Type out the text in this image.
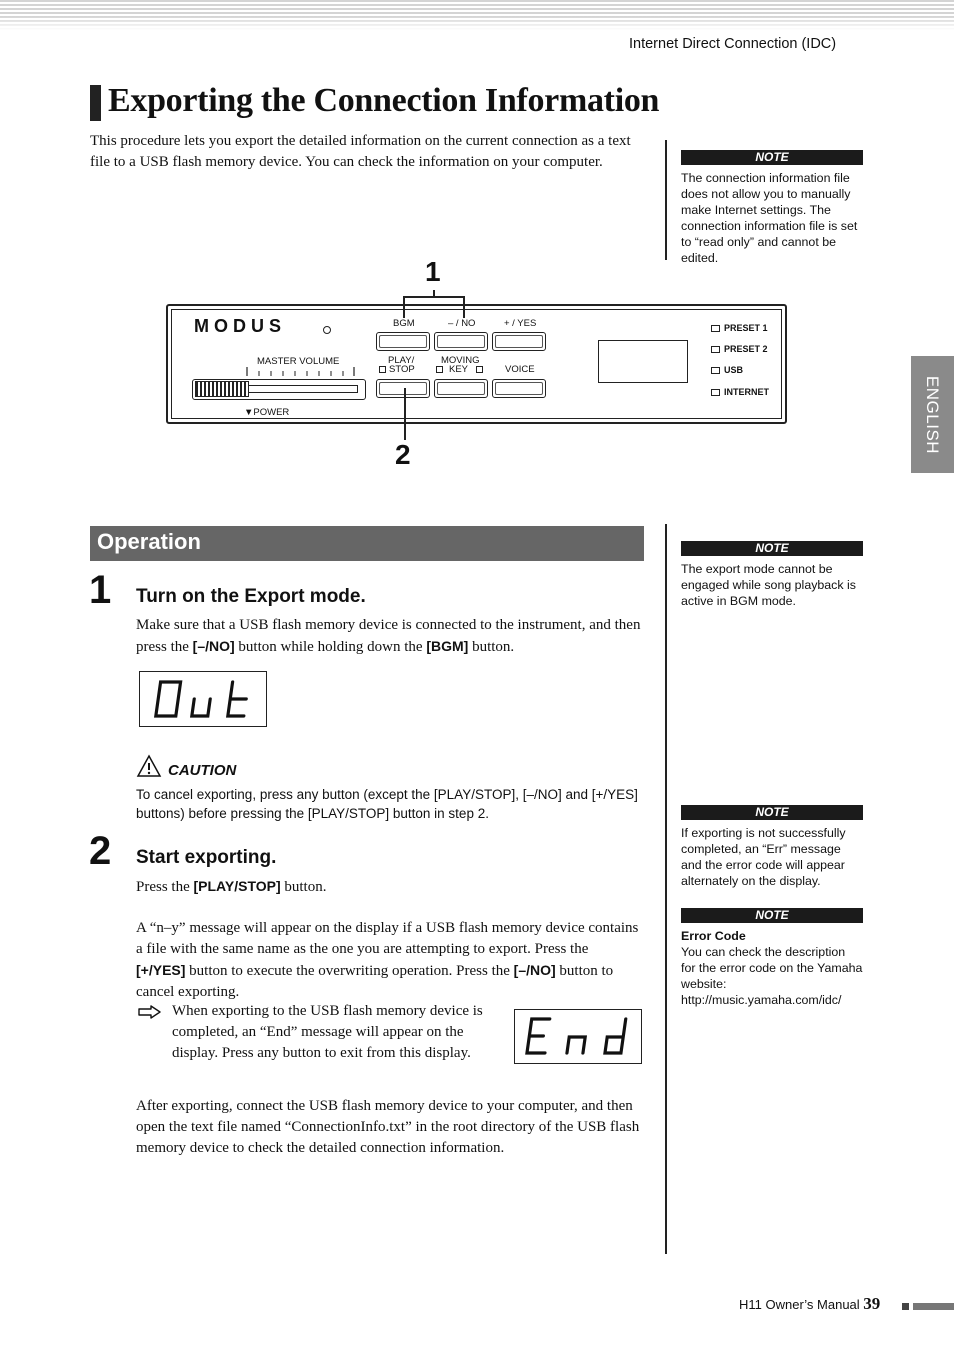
Internet Direct Connection (IDC)
Exporting the Connection Information

This procedure lets you export the detailed information on the current connection as a text file to a USB flash memory device. You can check the information on your computer.	NOTE
The connection information file does not allow you to manually make Internet settings. The connection information file is set to “read only” and cannot be edited.
MODUS
MASTER VOLUME
▼POWER
BGM	– / NO	+ / YES
PLAY/	MOVING
STOP	KEY	VOICE
PRESET 1
PRESET 2
USB
INTERNET
1
2
ENGLISH
Operation	NOTE
The export mode cannot be engaged while song playback is active in BGM mode.
1 Turn on the Export mode.

Make sure that a USB flash memory device is connected to the instrument, and then press the [–/NO] button while holding down the [BGM] button.

CAUTION

To cancel exporting, press any button (except the [PLAY/STOP], [–/NO] and [+/YES] buttons) before pressing the [PLAY/STOP] button in step 2.	NOTE
If exporting is not successfully completed, an “Err” message and the error code will appear alternately on the display.
NOTE
Error Code
You can check the description for the error code on the Yamaha website: http://music.yamaha.com/idc/
2 Start exporting.

Press the [PLAY/STOP] button.

A “n–y” message will appear on the display if a USB flash memory device contains a file with the same name as the one you are attempting to export. Press the [+/YES] button to execute the overwriting operation. Press the [–/NO] button to cancel exporting.

When exporting to the USB flash memory device is completed, an “End” message will appear on the display. Press any button to exit from this display.

After exporting, connect the USB flash memory device to your computer, and then open the text file named “ConnectionInfo.txt” in the root directory of the USB flash memory device to check the detailed connection information.

H11 Owner’s Manual 39
